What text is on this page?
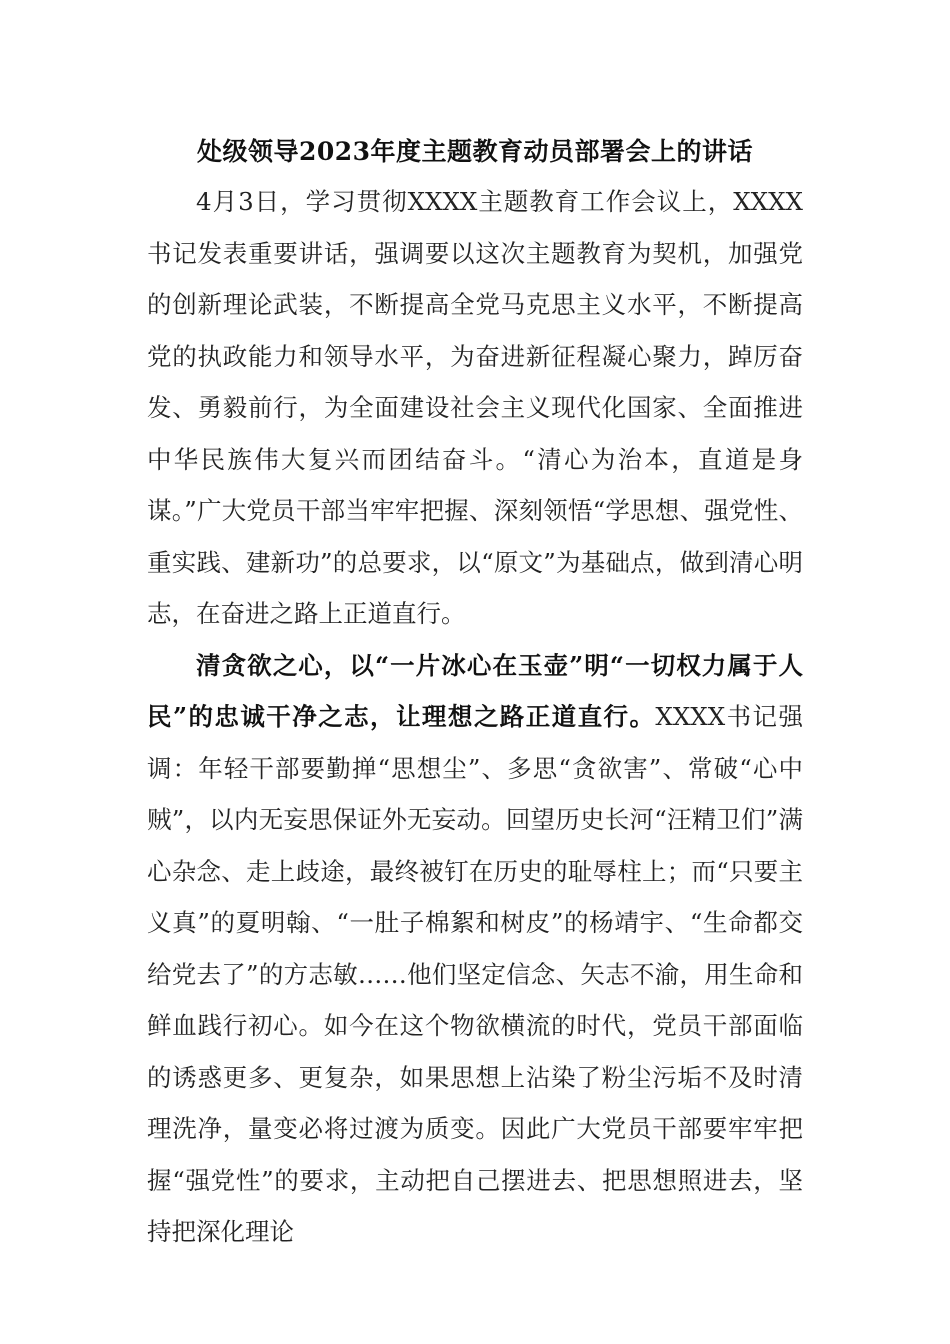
处级领导2023年度主题教育动员部署会上的讲话

4月3日，学习贯彻XXXX主题教育工作会议上，XXXX书记发表重要讲话，强调要以这次主题教育为契机，加强党的创新理论武装，不断提高全党马克思主义水平，不断提高党的执政能力和领导水平，为奋进新征程凝心聚力，踔厉奋发、勇毅前行，为全面建设社会主义现代化国家、全面推进中华民族伟大复兴而团结奋斗。“清心为治本，直道是身谋。”广大党员干部当牢牢把握、深刻领悟“学思想、强党性、重实践、建新功”的总要求，以“原文”为基础点，做到清心明志，在奋进之路上正道直行。

清贪欲之心，以“一片冰心在玉壶”明“一切权力属于人民”的忠诚干净之志，让理想之路正道直行。XXXX书记强调：年轻干部要勤掸“思想尘”、多思“贪欲害”、常破“心中贼”，以内无妄思保证外无妄动。回望历史长河“汪精卫们”满心杂念、走上歧途，最终被钉在历史的耻辱柱上；而“只要主义真”的夏明翰、“一肚子棉絮和树皮”的杨靖宇、“生命都交给党去了”的方志敏……他们坚定信念、矢志不渝，用生命和鲜血践行初心。如今在这个物欲横流的时代，党员干部面临的诱惑更多、更复杂，如果思想上沾染了粉尘污垢不及时清理洗净，量变必将过渡为质变。因此广大党员干部要牢牢把握“强党性”的要求，主动把自己摆进去、把思想照进去，坚持把深化理论
